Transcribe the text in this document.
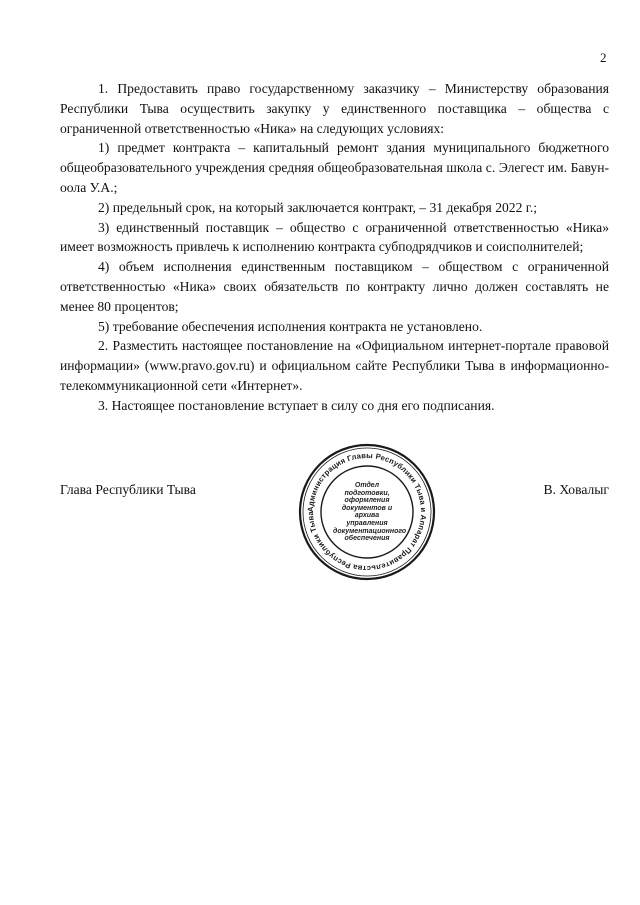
2

1. Предоставить право государственному заказчику – Министерству образования Республики Тыва осуществить закупку у единственного поставщика – общества с ограниченной ответственностью «Ника» на следующих условиях:

1) предмет контракта – капитальный ремонт здания муниципального бюджетного общеобразовательного учреждения средняя общеобразовательная школа с. Элегест им. Бавун-оола У.А.;

2) предельный срок, на который заключается контракт, – 31 декабря 2022 г.;

3) единственный поставщик – общество с ограниченной ответственностью «Ника» имеет возможность привлечь к исполнению контракта субподрядчиков и соисполнителей;

4) объем исполнения единственным поставщиком – обществом с ограниченной ответственностью «Ника» своих обязательств по контракту лично должен составлять не менее 80 процентов;

5) требование обеспечения исполнения контракта не установлено.

2. Разместить настоящее постановление на «Официальном интернет-портале правовой информации» (www.pravo.gov.ru) и официальном сайте Республики Тыва в информационно-телекоммуникационной сети «Интернет».

3. Настоящее постановление вступает в силу со дня его подписания.

Глава Республики Тыва	В. Ховалыг
Администрация Главы Республики Тыва и Аппарат Правительства Республики Тыва
Отдел
подготовки,
оформления
документов и архива
управления
документационного
обеспечения
